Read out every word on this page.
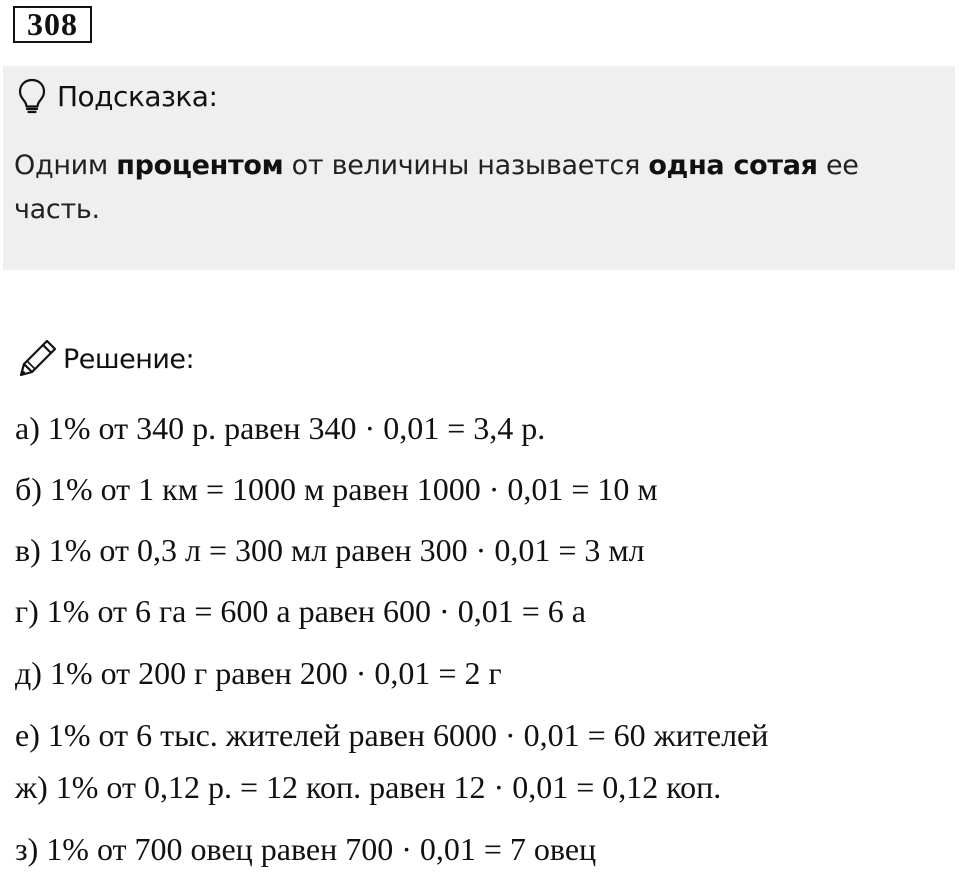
308
Подсказка:
Одним процентом от величины называется одна сотая ее часть.
Решение:
а) 1% от 340 р. равен 340 · 0,01 = 3,4 р.
б) 1% от 1 км = 1000 м равен 1000 · 0,01 = 10 м
в) 1% от 0,3 л = 300 мл равен 300 · 0,01 = 3 мл
г) 1% от 6 га = 600 а равен 600 · 0,01 = 6 а
д) 1% от 200 г равен 200 · 0,01 = 2 г
е) 1% от 6 тыс. жителей равен 6000 · 0,01 = 60 жителей
ж) 1% от 0,12 р. = 12 коп. равен 12 · 0,01 = 0,12 коп.
з) 1% от 700 овец равен 700 · 0,01 = 7 овец
